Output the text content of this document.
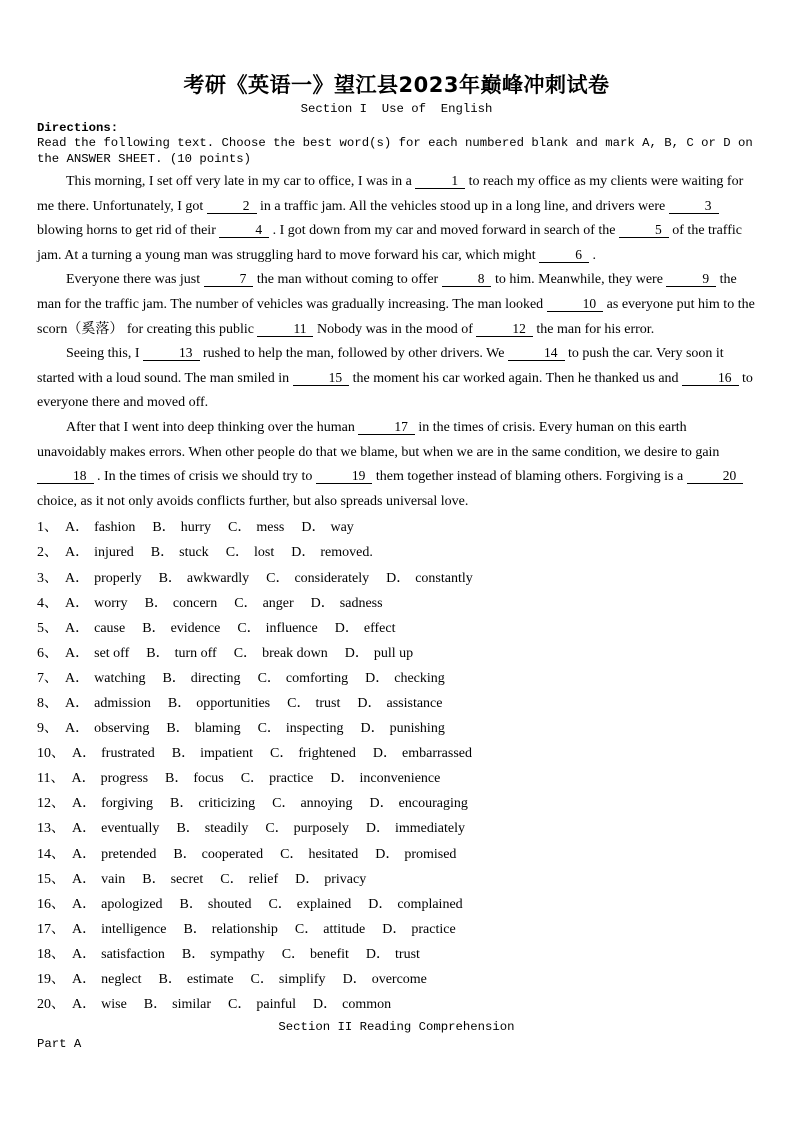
考研《英语一》望江县2023年巅峰冲刺试卷
Section I  Use of  English
Directions:

Read the following text. Choose the best word(s) for each numbered blank and mark A, B, C or D on the ANSWER SHEET. (10 points)

This morning, I set off very late in my car to office, I was in a	1 to reach my office as my clients were waiting for me there. Unfortunately, I got	2 in a traffic jam. All the vehicles stood up in a long line, and drivers were	3 blowing horns to get rid of their	4 . I got down from my car and moved forward in search of the	5 of the traffic jam. At a turning a young man was struggling hard to move forward his car, which might	6 .

Everyone there was just	7 the man without coming to offer	8 to him. Meanwhile, they were	9 the man for the traffic jam. The number of vehicles was gradually increasing. The man looked	10 as everyone put him to the scorn（奚落） for creating this public	11 Nobody was in the mood of	12 the man for his error.

Seeing this, I	13 rushed to help the man, followed by other drivers. We	14 to push the car. Very soon it started with a loud sound. The man smiled in	15 the moment his car worked again. Then he thanked us and	16 to everyone there and moved off.

After that I went into deep thinking over the human	17 in the times of crisis. Every human on this earth unavoidably makes errors. When other people do that we blame, but when we are in the same condition, we desire to gain 18 . In the times of crisis we should try to	19 them together instead of blaming others. Forgiving is a	20 choice, as it not only avoids conflicts further, but also spreads universal love.

1、 A． fashion B． hurry C． mess D． way
2、 A． injured B． stuck C． lost D． removed.
3、 A． properly B． awkwardly C． considerately D． constantly
4、 A． worry B． concern C． anger D． sadness
5、 A． cause B． evidence C． influence D． effect
6、 A． set off B． turn off C． break down D． pull up
7、 A． watching B． directing C． comforting D． checking
8、 A． admission B． opportunities C． trust D． assistance
9、 A． observing B． blaming C． inspecting D． punishing
10、 A． frustrated B． impatient C． frightened D． embarrassed
11、 A． progress B． focus C． practice D． inconvenience
12、 A． forgiving B． criticizing C． annoying D． encouraging
13、 A． eventually B． steadily C． purposely D． immediately
14、 A． pretended B． cooperated C． hesitated D． promised
15、 A． vain B． secret C． relief D． privacy
16、 A． apologized B． shouted C． explained D． complained
17、 A． intelligence B． relationship C． attitude D． practice
18、 A． satisfaction B． sympathy C． benefit D． trust
19、 A． neglect B． estimate C． simplify D． overcome
20、 A． wise B． similar C． painful D． common
Section II Reading Comprehension
Part A
